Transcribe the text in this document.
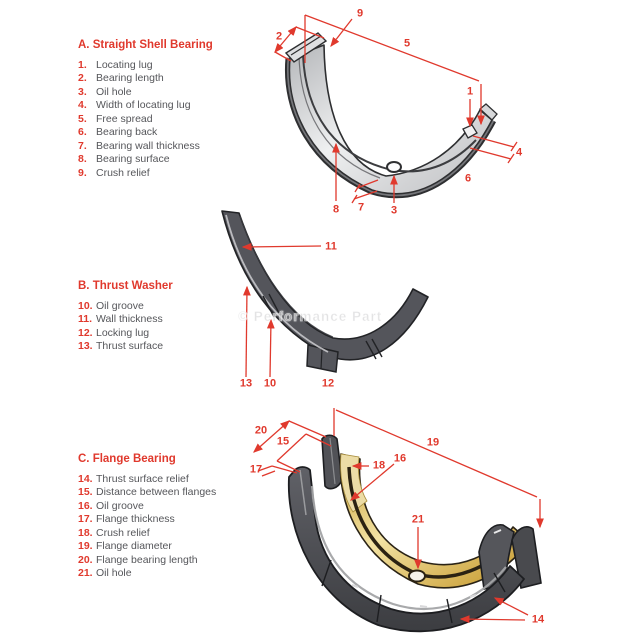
© Performance Part
A. Straight Shell Bearing
1. Locating lug
2. Bearing length
3. Oil hole
4. Width of locating lug
5. Free spread
6. Bearing back
7. Bearing wall thickness
8. Bearing surface
9. Crush relief
B. Thrust Washer
10. Oil groove
11. Wall thickness
12. Locking lug
13. Thrust surface
C. Flange Bearing
14. Thrust surface relief
15. Distance between flanges
16. Oil groove
17. Flange thickness
18. Crush relief
19. Flange diameter
20. Flange bearing length
21. Oil hole
9
2
5
1
4
6
8 7 3
11
13 10	12
20
15
17
19
18
16
21
14
